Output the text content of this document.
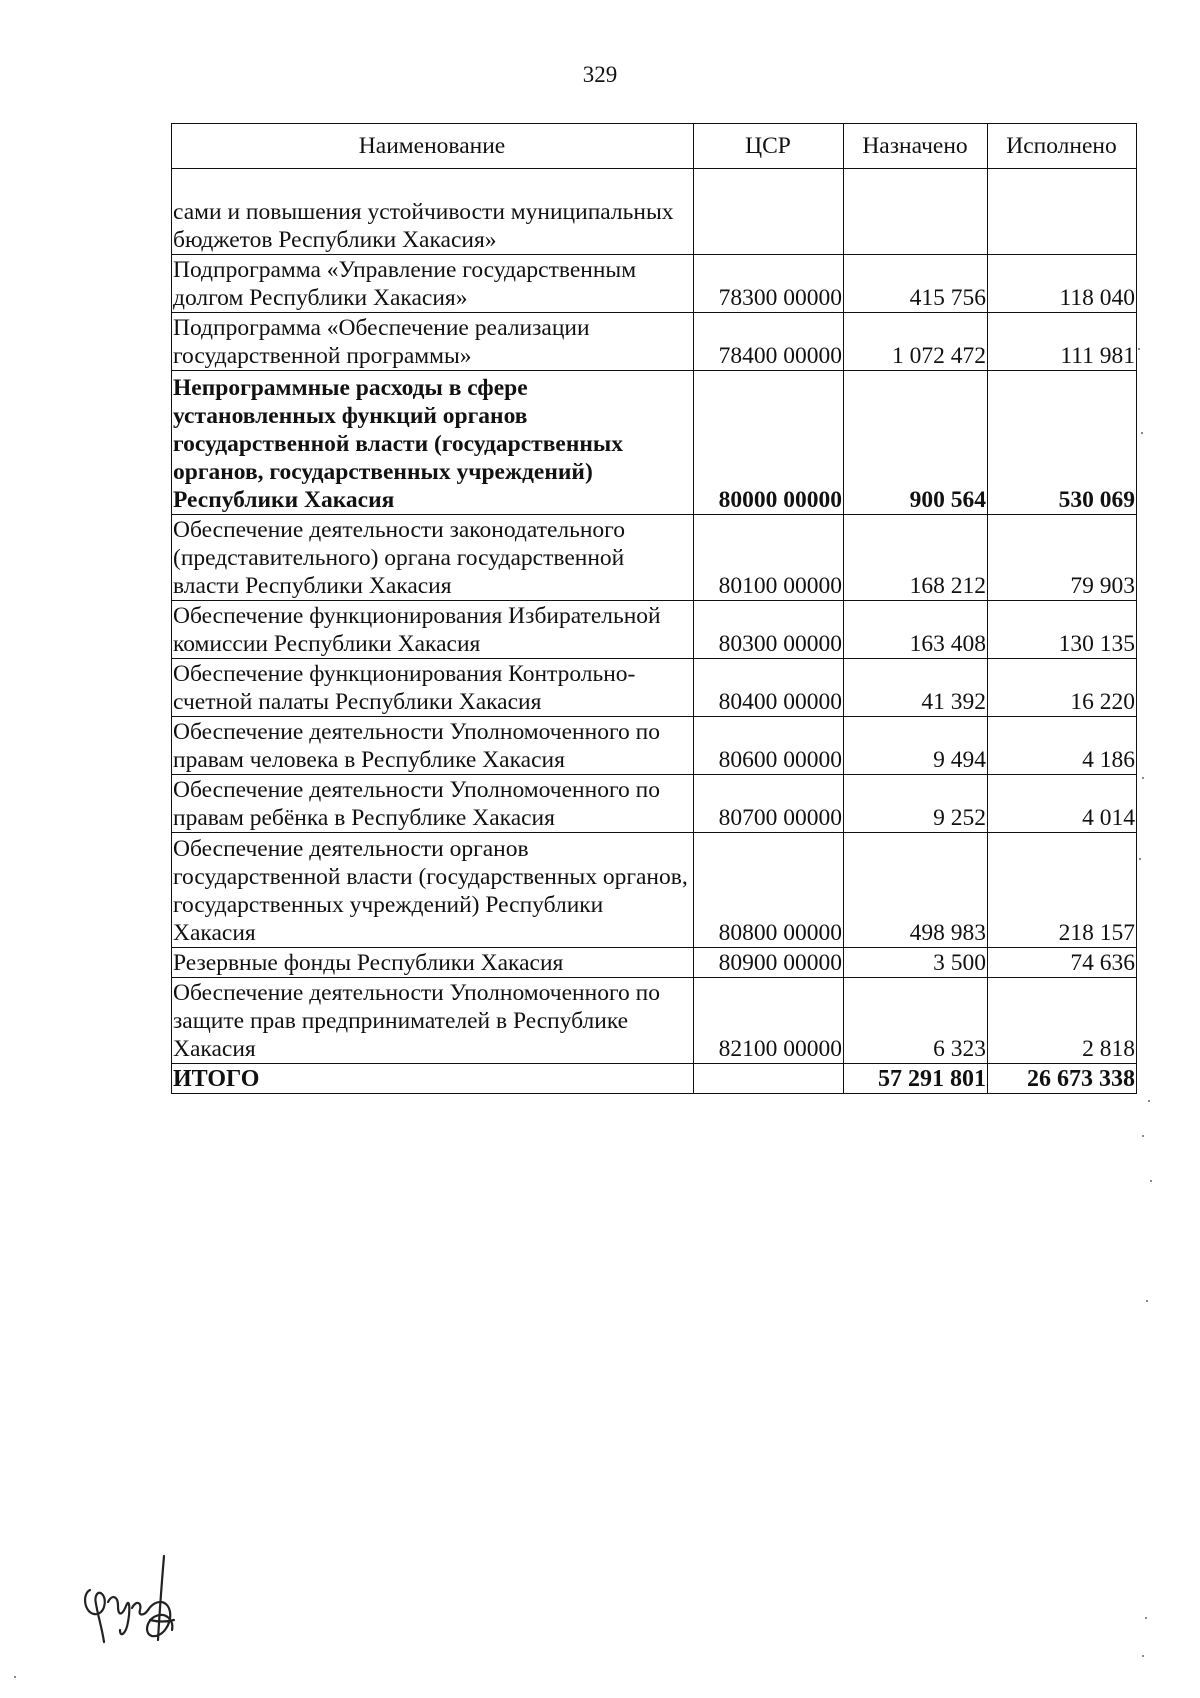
329
Наименование	ЦСР	Назначено	Исполнено
сами и повышения устойчивости муниципальных бюджетов Республики Хакасия»			
Подпрограмма «Управление государственным долгом Республики Хакасия»	78300 00000	415 756	118 040
Подпрограмма «Обеспечение реализации государственной программы»	78400 00000	1 072 472	111 981
Непрограммные расходы в сфере установленных функций органов государственной власти (государственных органов, государственных учреждений) Республики Хакасия	80000 00000	900 564	530 069
Обеспечение деятельности законодательного (представительного) органа государственной власти Республики Хакасия	80100 00000	168 212	79 903
Обеспечение функционирования Избирательной комиссии Республики Хакасия	80300 00000	163 408	130 135
Обеспечение функционирования Контрольно-счетной палаты Республики Хакасия	80400 00000	41 392	16 220
Обеспечение деятельности Уполномоченного по правам человека в Республике Хакасия	80600 00000	9 494	4 186
Обеспечение деятельности Уполномоченного по правам ребёнка в Республике Хакасия	80700 00000	9 252	4 014
Обеспечение деятельности органов государственной власти (государственных органов, государственных учреждений) Республики Хакасия	80800 00000	498 983	218 157
Резервные фонды Республики Хакасия	80900 00000	3 500	74 636
Обеспечение деятельности Уполномоченного по защите прав предпринимателей в Республике Хакасия	82100 00000	6 323	2 818
ИТОГО		57 291 801	26 673 338
